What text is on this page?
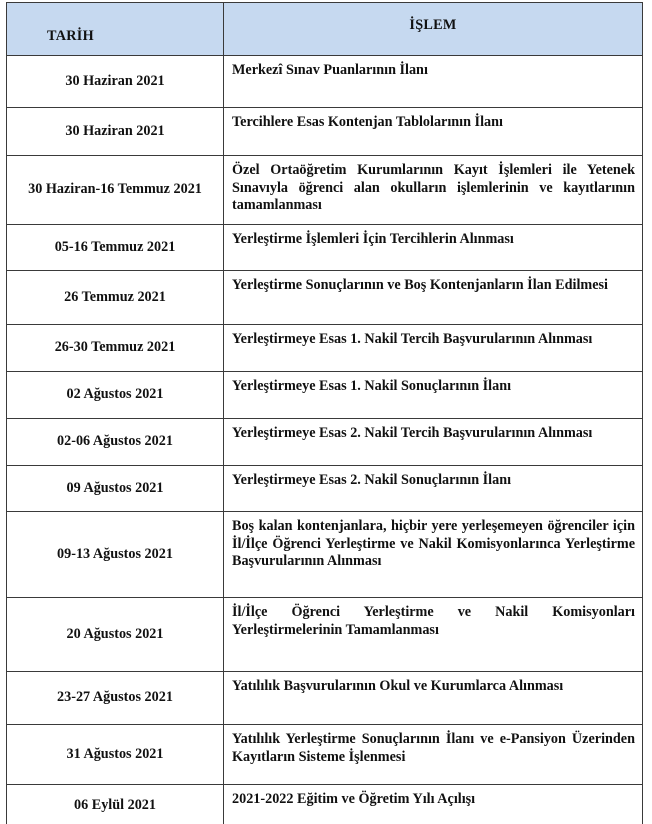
TARİH	İŞLEM
30 Haziran 2021	Merkezî Sınav Puanlarının İlanı
30 Haziran 2021	Tercihlere Esas Kontenjan Tablolarının İlanı
30 Haziran-16 Temmuz 2021	Özel Ortaöğretim Kurumlarının Kayıt İşlemleri ile Yetenek Sınavıyla öğrenci alan okulların işlemlerinin ve kayıtlarının tamamlanması
05-16 Temmuz 2021	Yerleştirme İşlemleri İçin Tercihlerin Alınması
26 Temmuz 2021	Yerleştirme Sonuçlarının ve Boş Kontenjanların İlan Edilmesi
26-30 Temmuz 2021	Yerleştirmeye Esas 1. Nakil Tercih Başvurularının Alınması
02 Ağustos 2021	Yerleştirmeye Esas 1. Nakil Sonuçlarının İlanı
02-06 Ağustos 2021	Yerleştirmeye Esas 2. Nakil Tercih Başvurularının Alınması
09 Ağustos 2021	Yerleştirmeye Esas 2. Nakil Sonuçlarının İlanı
09-13 Ağustos 2021	Boş kalan kontenjanlara, hiçbir yere yerleşemeyen öğrenciler için İl/İlçe Öğrenci Yerleştirme ve Nakil Komisyonlarınca Yerleştirme Başvurularının Alınması
20 Ağustos 2021	İl/İlçe Öğrenci Yerleştirme ve Nakil Komisyonları Yerleştirmelerinin Tamamlanması
23-27 Ağustos 2021	Yatılılık Başvurularının Okul ve Kurumlarca Alınması
31 Ağustos 2021	Yatılılık Yerleştirme Sonuçlarının İlanı ve e-Pansiyon Üzerinden Kayıtların Sisteme İşlenmesi
06 Eylül 2021	2021-2022 Eğitim ve Öğretim Yılı Açılışı
